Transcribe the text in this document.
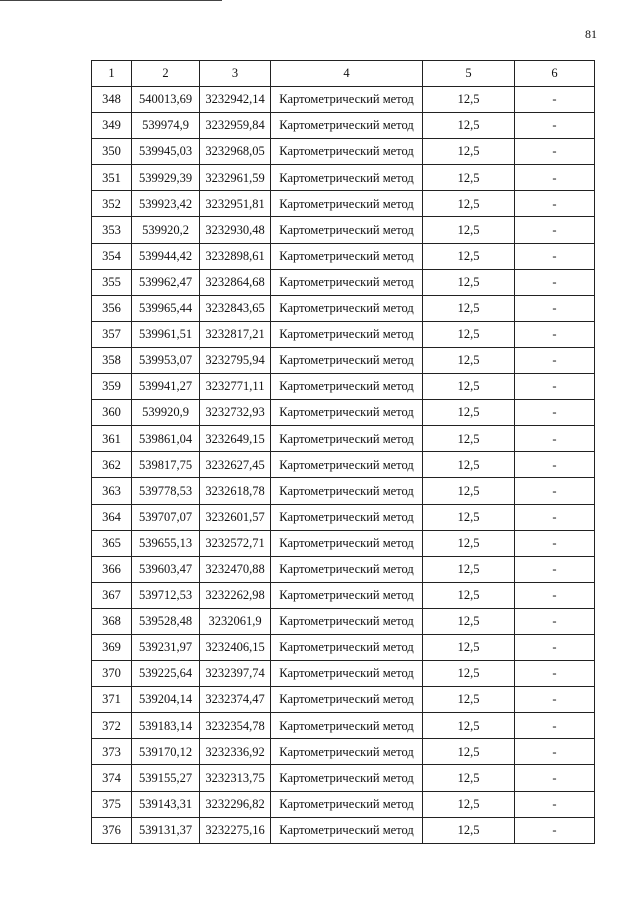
81
1	2	3	4	5	6
348	540013,69	3232942,14	Картометрический метод	12,5	-
349	539974,9	3232959,84	Картометрический метод	12,5	-
350	539945,03	3232968,05	Картометрический метод	12,5	-
351	539929,39	3232961,59	Картометрический метод	12,5	-
352	539923,42	3232951,81	Картометрический метод	12,5	-
353	539920,2	3232930,48	Картометрический метод	12,5	-
354	539944,42	3232898,61	Картометрический метод	12,5	-
355	539962,47	3232864,68	Картометрический метод	12,5	-
356	539965,44	3232843,65	Картометрический метод	12,5	-
357	539961,51	3232817,21	Картометрический метод	12,5	-
358	539953,07	3232795,94	Картометрический метод	12,5	-
359	539941,27	3232771,11	Картометрический метод	12,5	-
360	539920,9	3232732,93	Картометрический метод	12,5	-
361	539861,04	3232649,15	Картометрический метод	12,5	-
362	539817,75	3232627,45	Картометрический метод	12,5	-
363	539778,53	3232618,78	Картометрический метод	12,5	-
364	539707,07	3232601,57	Картометрический метод	12,5	-
365	539655,13	3232572,71	Картометрический метод	12,5	-
366	539603,47	3232470,88	Картометрический метод	12,5	-
367	539712,53	3232262,98	Картометрический метод	12,5	-
368	539528,48	3232061,9	Картометрический метод	12,5	-
369	539231,97	3232406,15	Картометрический метод	12,5	-
370	539225,64	3232397,74	Картометрический метод	12,5	-
371	539204,14	3232374,47	Картометрический метод	12,5	-
372	539183,14	3232354,78	Картометрический метод	12,5	-
373	539170,12	3232336,92	Картометрический метод	12,5	-
374	539155,27	3232313,75	Картометрический метод	12,5	-
375	539143,31	3232296,82	Картометрический метод	12,5	-
376	539131,37	3232275,16	Картометрический метод	12,5	-
